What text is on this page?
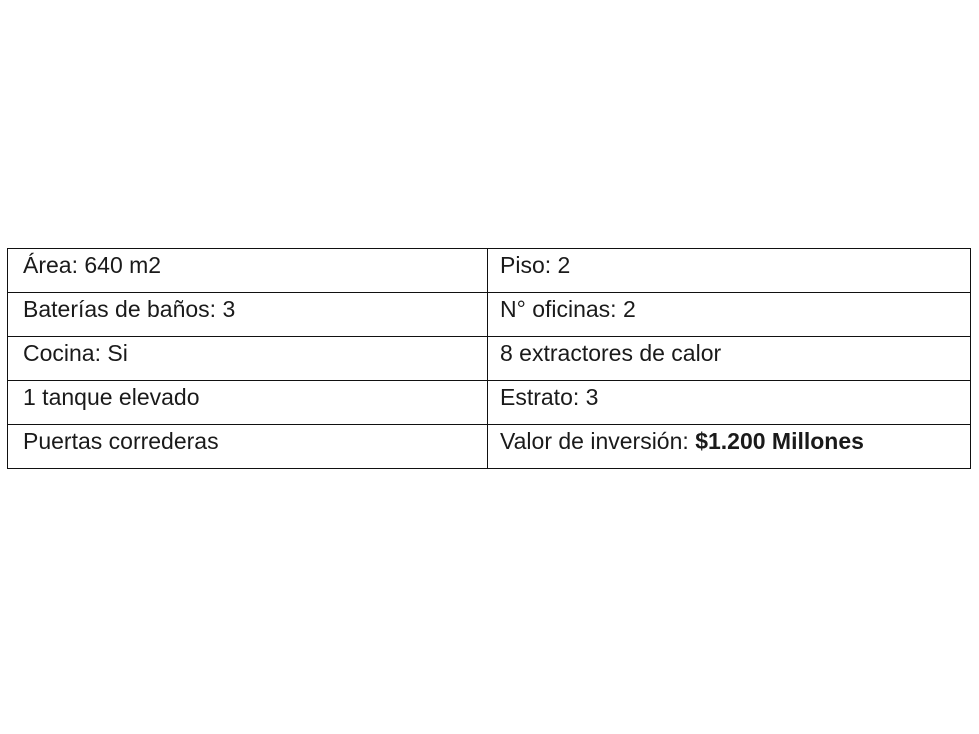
Área: 640 m2	Piso: 2
Baterías de baños: 3	N° oficinas: 2
Cocina: Si	8 extractores de calor
1 tanque elevado	Estrato: 3
Puertas correderas	Valor de inversión: $1.200 Millones
